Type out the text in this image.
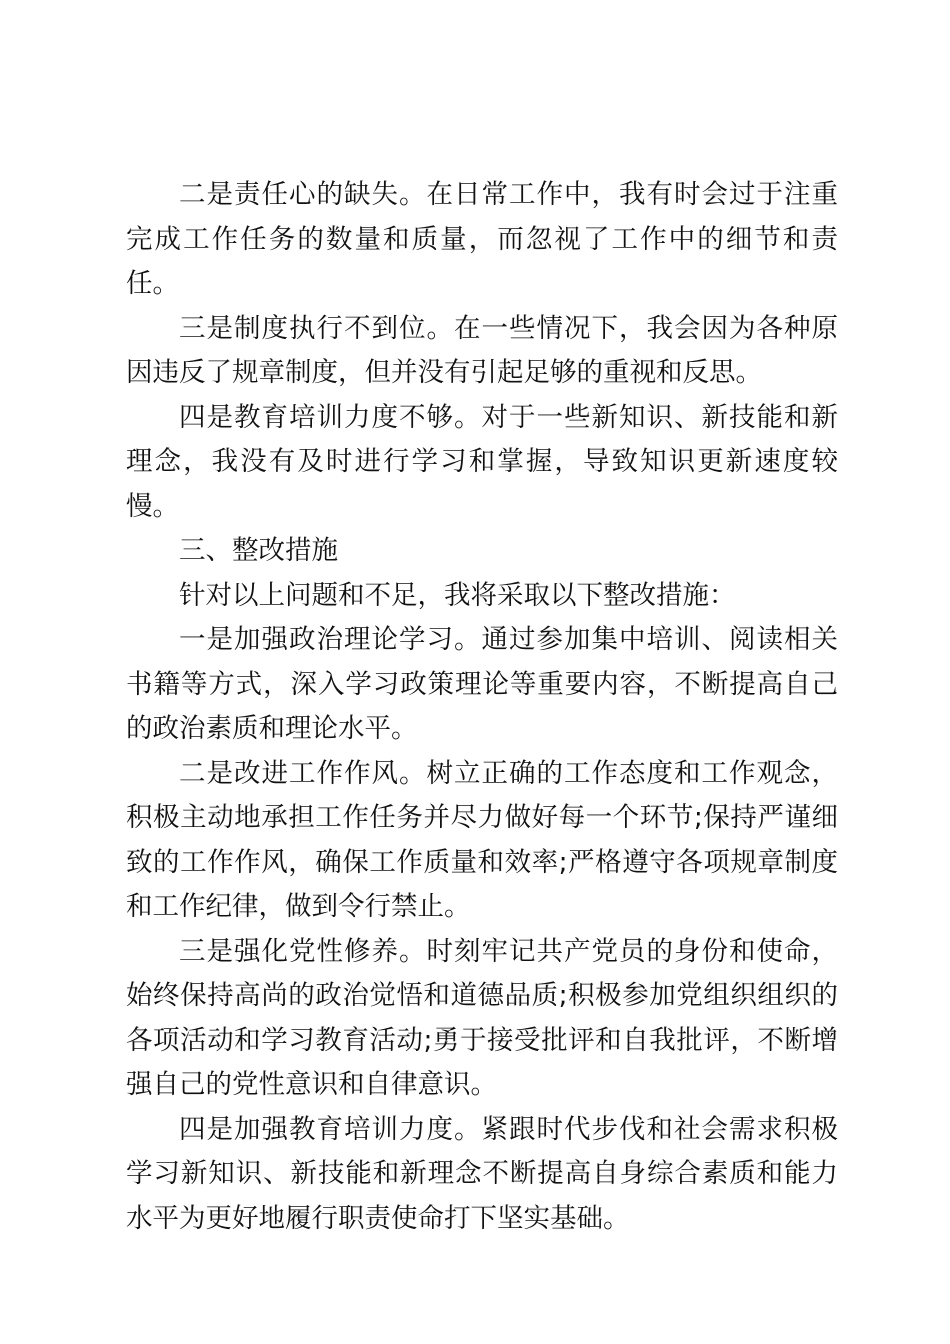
二是责任心的缺失。在日常工作中，我有时会过于注重完成工作任务的数量和质量，而忽视了工作中的细节和责任。

三是制度执行不到位。在一些情况下，我会因为各种原因违反了规章制度，但并没有引起足够的重视和反思。

四是教育培训力度不够。对于一些新知识、新技能和新理念，我没有及时进行学习和掌握，导致知识更新速度较慢。

三、整改措施

针对以上问题和不足，我将采取以下整改措施：

一是加强政治理论学习。通过参加集中培训、阅读相关书籍等方式，深入学习政策理论等重要内容，不断提高自己的政治素质和理论水平。

二是改进工作作风。树立正确的工作态度和工作观念，积极主动地承担工作任务并尽力做好每一个环节;保持严谨细致的工作作风，确保工作质量和效率;严格遵守各项规章制度和工作纪律，做到令行禁止。

三是强化党性修养。时刻牢记共产党员的身份和使命，始终保持高尚的政治觉悟和道德品质;积极参加党组织组织的各项活动和学习教育活动;勇于接受批评和自我批评，不断增强自己的党性意识和自律意识。

四是加强教育培训力度。紧跟时代步伐和社会需求积极学习新知识、新技能和新理念不断提高自身综合素质和能力水平为更好地履行职责使命打下坚实基础。
